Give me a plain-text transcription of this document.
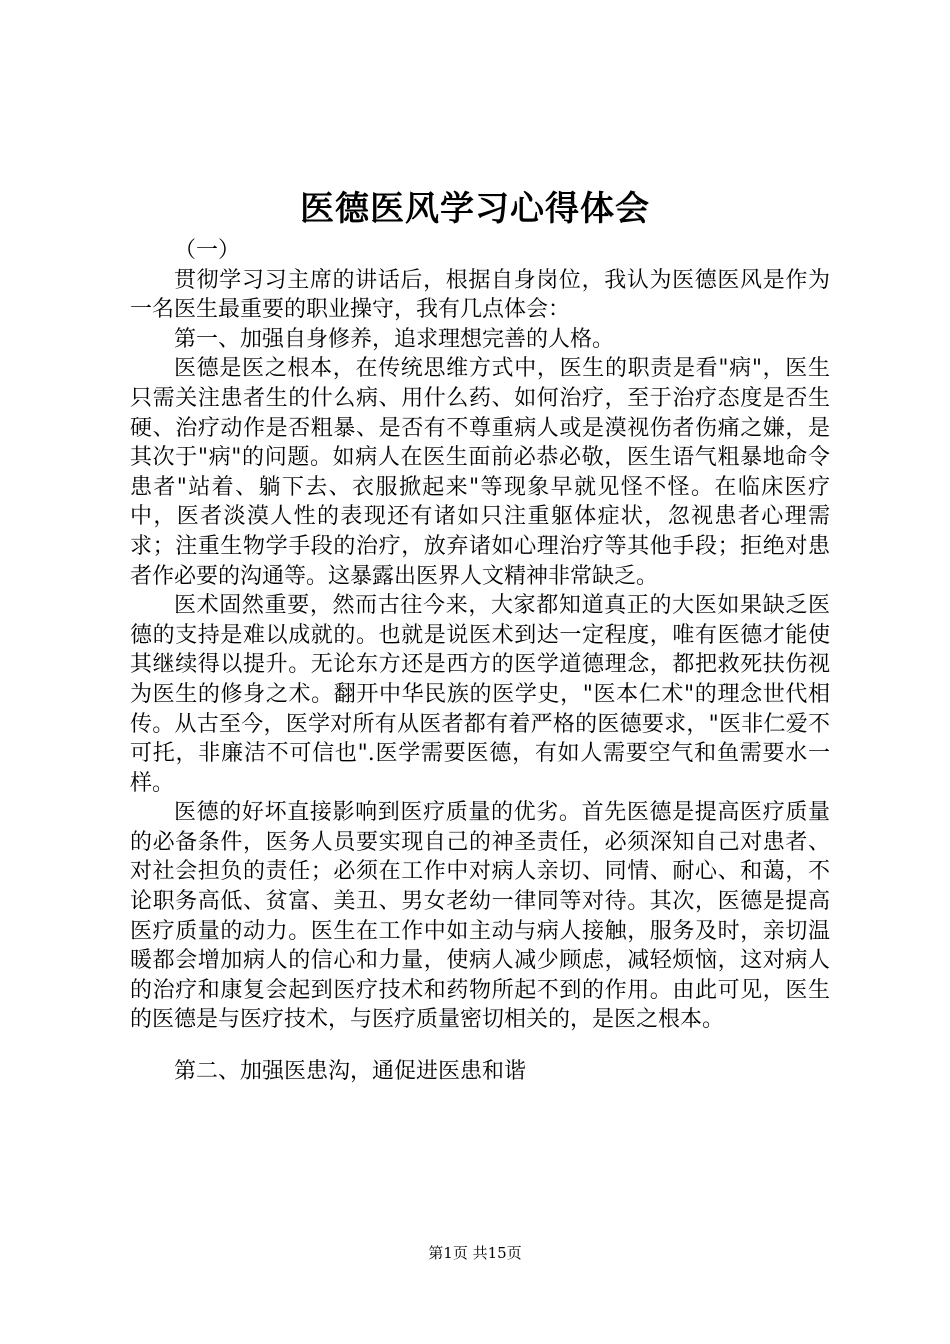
医德医风学习心得体会

（一）

贯彻学习习主席的讲话后，根据自身岗位，我认为医德医风是作为一名医生最重要的职业操守，我有几点体会：

第一、加强自身修养，追求理想完善的人格。

医德是医之根本，在传统思维方式中，医生的职责是看"病"，医生只需关注患者生的什么病、用什么药、如何治疗，至于治疗态度是否生硬、治疗动作是否粗暴、是否有不尊重病人或是漠视伤者伤痛之嫌，是其次于"病"的问题。如病人在医生面前必恭必敬，医生语气粗暴地命令患者"站着、躺下去、衣服掀起来"等现象早就见怪不怪。在临床医疗中，医者淡漠人性的表现还有诸如只注重躯体症状，忽视患者心理需求；注重生物学手段的治疗，放弃诸如心理治疗等其他手段；拒绝对患者作必要的沟通等。这暴露出医界人文精神非常缺乏。

医术固然重要，然而古往今来，大家都知道真正的大医如果缺乏医德的支持是难以成就的。也就是说医术到达一定程度，唯有医德才能使其继续得以提升。无论东方还是西方的医学道德理念，都把救死扶伤视为医生的修身之术。翻开中华民族的医学史，"医本仁术"的理念世代相传。从古至今，医学对所有从医者都有着严格的医德要求，"医非仁爱不可托，非廉洁不可信也".医学需要医德，有如人需要空气和鱼需要水一样。

医德的好坏直接影响到医疗质量的优劣。首先医德是提高医疗质量的必备条件，医务人员要实现自己的神圣责任，必须深知自己对患者、对社会担负的责任；必须在工作中对病人亲切、同情、耐心、和蔼，不论职务高低、贫富、美丑、男女老幼一律同等对待。其次，医德是提高医疗质量的动力。医生在工作中如主动与病人接触，服务及时，亲切温暖都会增加病人的信心和力量，使病人减少顾虑，减轻烦恼，这对病人的治疗和康复会起到医疗技术和药物所起不到的作用。由此可见，医生的医德是与医疗技术，与医疗质量密切相关的，是医之根本。

第二、加强医患沟，通促进医患和谐

第1页 共15页
